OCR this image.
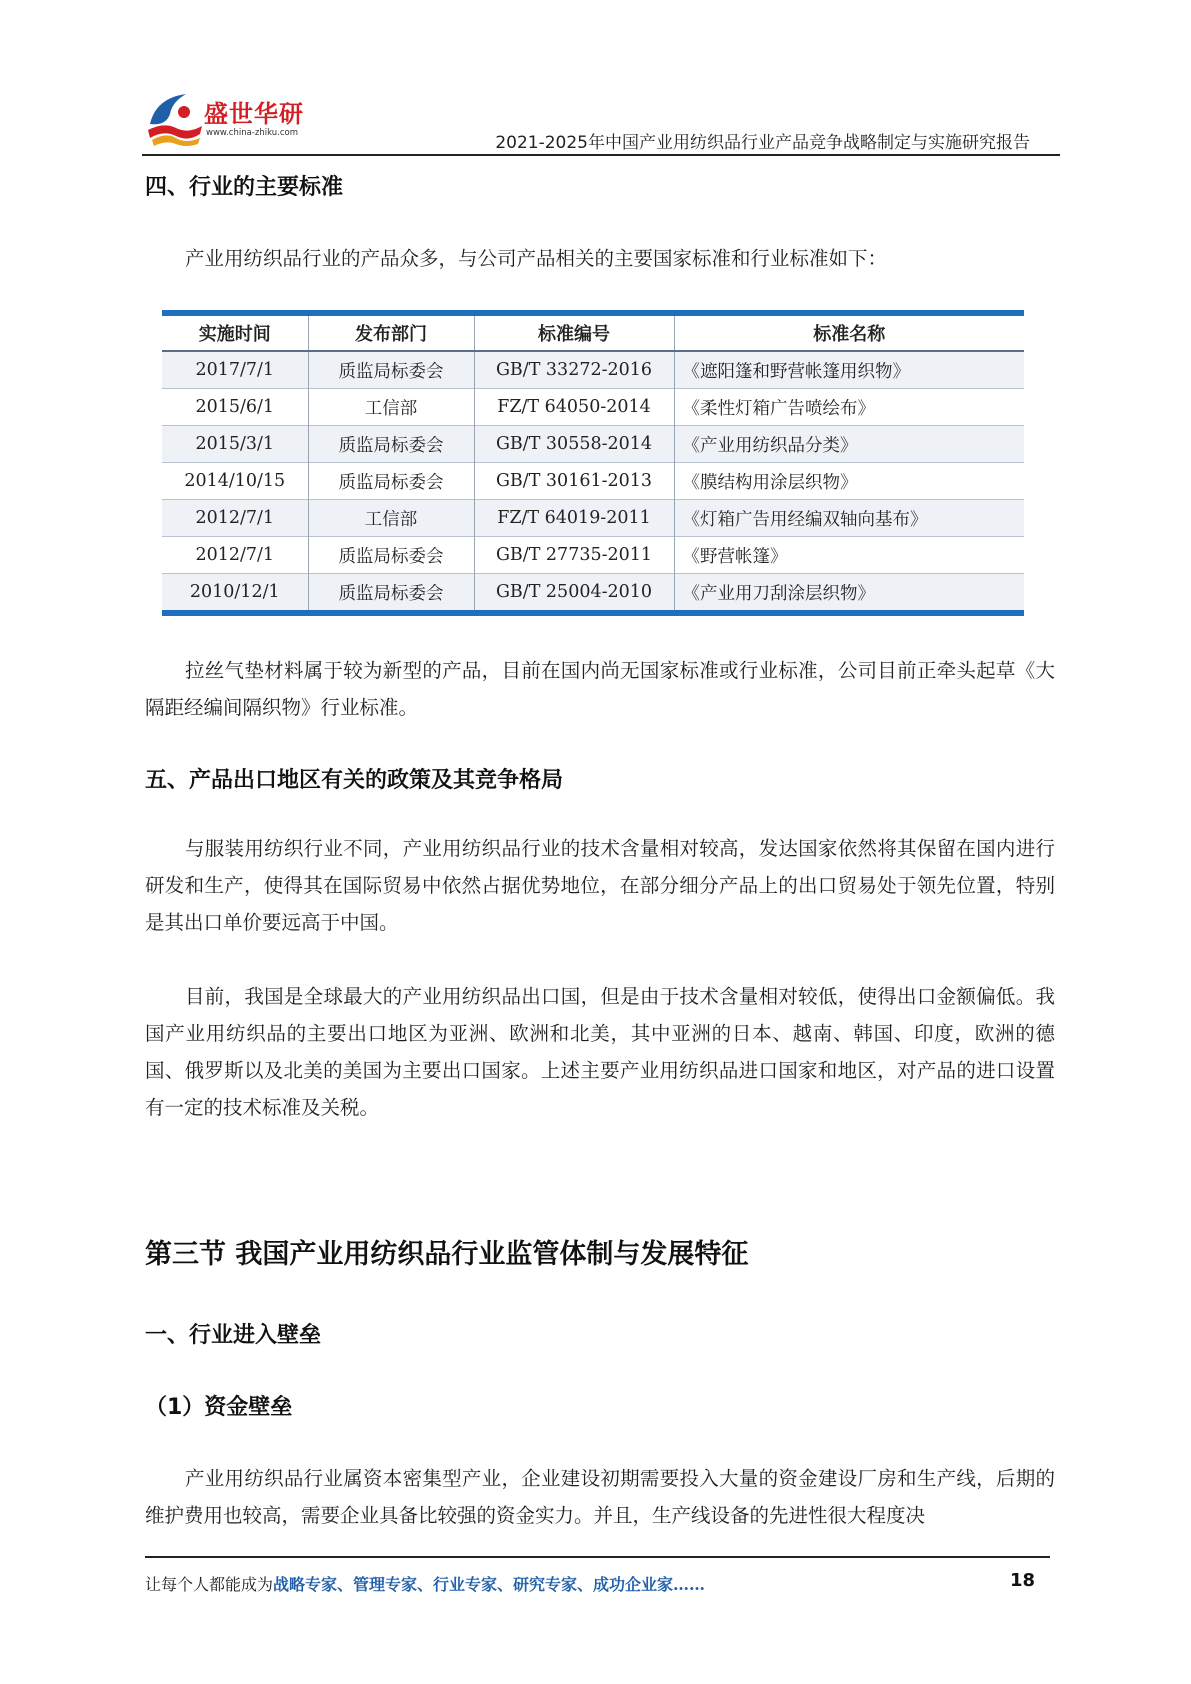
盛世华研
www.china-zhiku.com	2021-2025年中国产业用纺织品行业产品竞争战略制定与实施研究报告
四、行业的主要标准
产业用纺织品行业的产品众多，与公司产品相关的主要国家标准和行业标准如下：
实施时间	发布部门	标准编号	标准名称
2017/7/1	质监局标委会	GB/T 33272-2016	《遮阳篷和野营帐篷用织物》
2015/6/1	工信部	FZ/T 64050-2014	《柔性灯箱广告喷绘布》
2015/3/1	质监局标委会	GB/T 30558-2014	《产业用纺织品分类》
2014/10/15	质监局标委会	GB/T 30161-2013	《膜结构用涂层织物》
2012/7/1	工信部	FZ/T 64019-2011	《灯箱广告用经编双轴向基布》
2012/7/1	质监局标委会	GB/T 27735-2011	《野营帐篷》
2010/12/1	质监局标委会	GB/T 25004-2010	《产业用刀刮涂层织物》
拉丝气垫材料属于较为新型的产品，目前在国内尚无国家标准或行业标准，公司目前正牵头起草《大隔距经编间隔织物》行业标准。
五、产品出口地区有关的政策及其竞争格局
与服装用纺织行业不同，产业用纺织品行业的技术含量相对较高，发达国家依然将其保留在国内进行研发和生产，使得其在国际贸易中依然占据优势地位，在部分细分产品上的出口贸易处于领先位置，特别是其出口单价要远高于中国。
目前，我国是全球最大的产业用纺织品出口国，但是由于技术含量相对较低，使得出口金额偏低。我国产业用纺织品的主要出口地区为亚洲、欧洲和北美，其中亚洲的日本、越南、韩国、印度，欧洲的德国、俄罗斯以及北美的美国为主要出口国家。上述主要产业用纺织品进口国家和地区，对产品的进口设置有一定的技术标准及关税。
第三节 我国产业用纺织品行业监管体制与发展特征
一、行业进入壁垒
（1）资金壁垒
产业用纺织品行业属资本密集型产业，企业建设初期需要投入大量的资金建设厂房和生产线，后期的维护费用也较高，需要企业具备比较强的资金实力。并且，生产线设备的先进性很大程度决
让每个人都能成为战略专家、管理专家、行业专家、研究专家、成功企业家……	18
